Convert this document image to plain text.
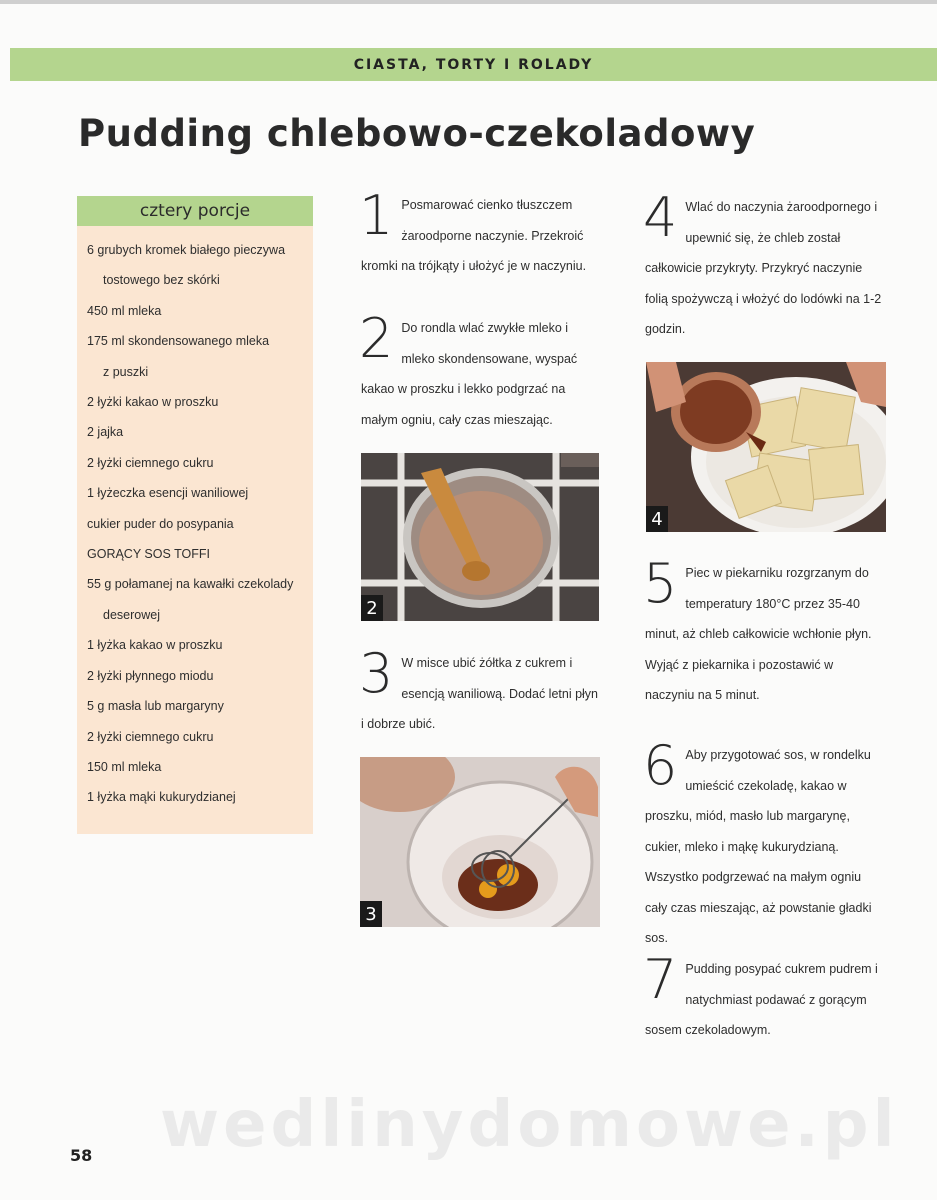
CIASTA, TORTY I ROLADY
Pudding chlebowo-czekoladowy
cztery porcje
6 grubych kromek białego pieczywa
tostowego bez skórki
450 ml mleka
175 ml skondensowanego mleka
z puszki
2 łyżki kakao w proszku
2 jajka
2 łyżki ciemnego cukru
1 łyżeczka esencji waniliowej
cukier puder do posypania
GORĄCY SOS TOFFI
55 g połamanej na kawałki czekolady
deserowej
1 łyżka kakao w proszku
2 łyżki płynnego miodu
5 g masła lub margaryny
2 łyżki ciemnego cukru
150 ml mleka
1 łyżka mąki kukurydzianej
1 Posmarować cienko tłuszczem żaroodporne naczynie. Przekroić kromki na trójkąty i ułożyć je w naczyniu.

2 Do rondla wlać zwykłe mleko i mleko skondensowane, wyspać kakao w proszku i lekko podgrzać na małym ogniu, cały czas mieszając.

2
3 W misce ubić żółtka z cukrem i esencją waniliową. Dodać letni płyn i dobrze ubić.

3
4 Wlać do naczynia żaroodpornego i upewnić się, że chleb został całkowicie przykryty. Przykryć naczynie folią spożywczą i włożyć do lodówki na 1-2 godzin.

4
5 Piec w piekarniku rozgrzanym do temperatury 180°C przez 35-40 minut, aż chleb całkowicie wchłonie płyn. Wyjąć z piekarnika i pozostawić w naczyniu na 5 minut.

6 Aby przygotować sos, w rondelku umieścić czekoladę, kakao w proszku, miód, masło lub margarynę, cukier, mleko i mąkę kukurydzianą. Wszystko podgrzewać na małym ogniu cały czas mieszając, aż powstanie gładki sos.

7 Pudding posypać cukrem pudrem i natychmiast podawać z gorącym sosem czekoladowym.

wedlinydomowe.pl
58
